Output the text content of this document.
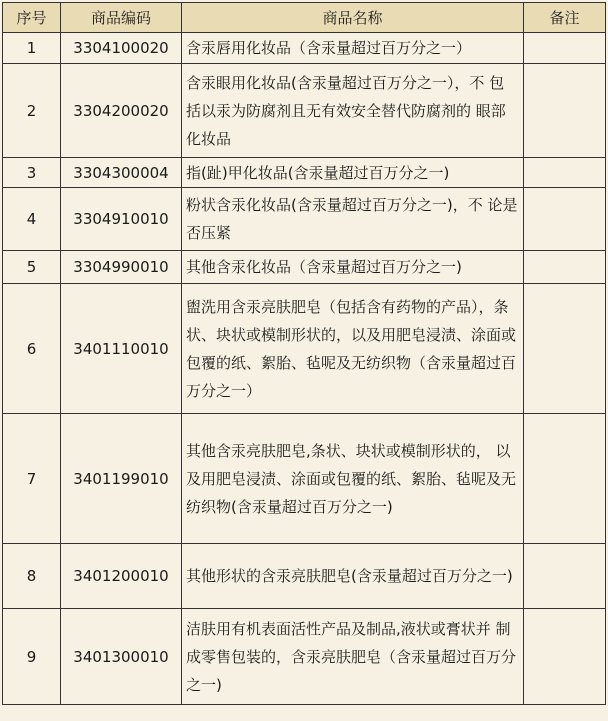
序号	商品编码	商品名称	备注
1	3304100020	含汞唇用化妆品（含汞量超过百万分之一）	
2	3304200020	含汞眼用化妆品(含汞量超过百万分之一），不 包括以汞为防腐剂且无有效安全替代防腐剂的 眼部化妆品	
3	3304300004	指(趾)甲化妆品(含汞量超过百万分之一)	
4	3304910010	粉状含汞化妆品(含汞量超过百万分之一)，不 论是否压紧	
5	3304990010	其他含汞化妆品（含汞量超过百万分之一)	
6	3401110010	盥洗用含汞亮肤肥皂（包括含有药物的产品），条状、块状或模制形状的，以及用肥皂浸渍、涂面或包覆的纸、絮胎、毡呢及无纺织物（含汞量超过百万分之一）	
7	3401199010	其他含汞亮肤肥皂,条状、块状或模制形状的， 以及用肥皂浸渍、涂面或包覆的纸、絮胎、毡呢及无纺织物(含汞量超过百万分之一)	
8	3401200010	其他形状的含汞亮肤肥皂(含汞量超过百万分之一)	
9	3401300010	洁肤用有机表面活性产品及制品,液状或膏状并 制成零售包装的，含汞亮肤肥皂（含汞量超过百万分之一)	
